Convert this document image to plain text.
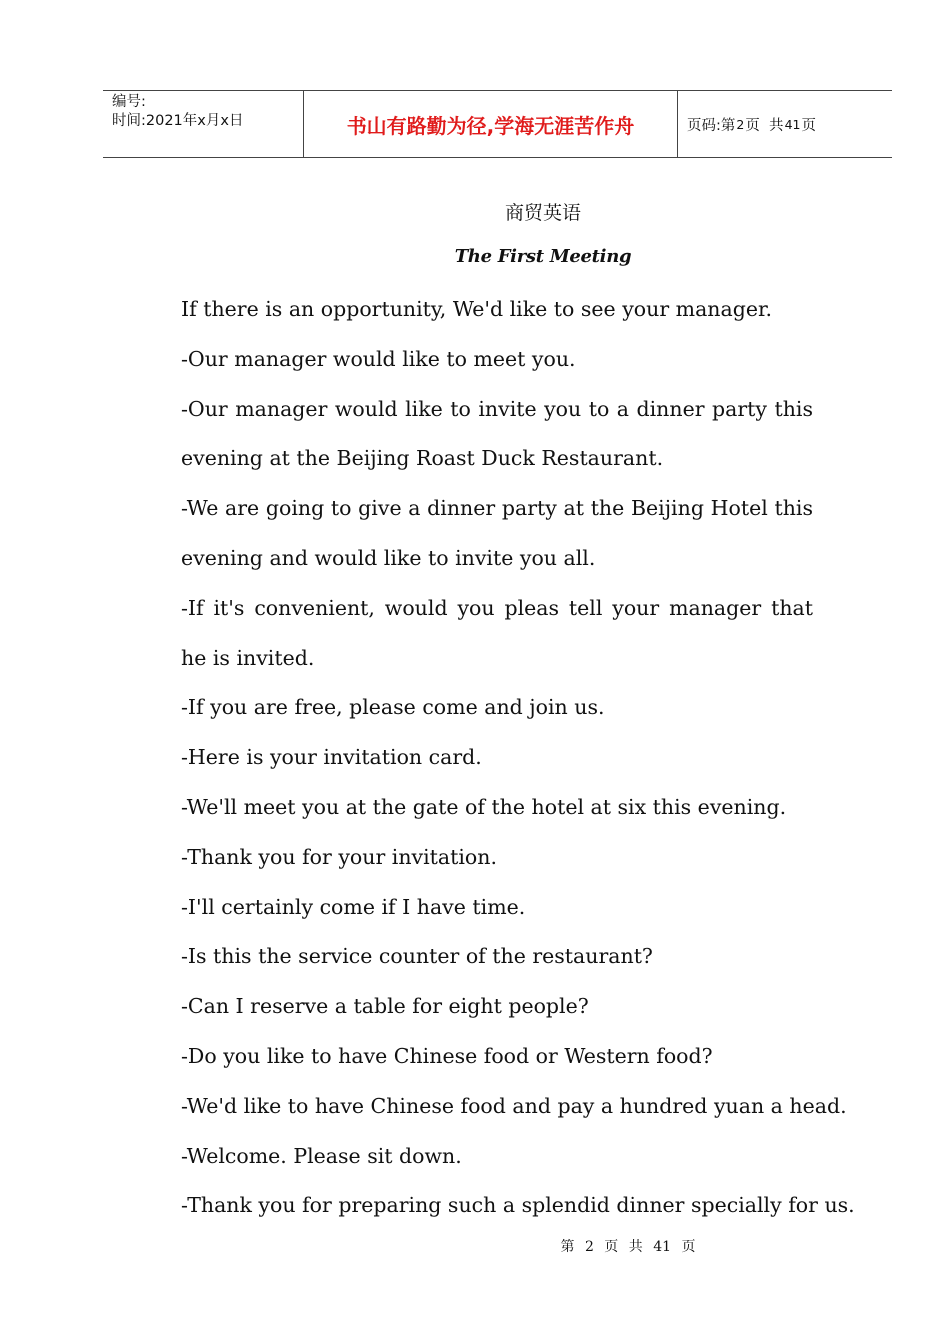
编号:
时间:2021年x月x日	书山有路勤为径,学海无涯苦作舟	页码:第 2 页  共 41 页
商贸英语
The First Meeting

If there is an opportunity, We'd like to see your manager.

-Our manager would like to meet you.

-Our manager would like to invite you to a dinner party this evening at the Beijing Roast Duck Restaurant.

-We are going to give a dinner party at the Beijing Hotel this evening and would like to invite you all.

-If it's convenient, would you pleas tell your manager that he is invited.

-If you are free, please come and join us.

-Here is your invitation card.

-We'll meet you at the gate of the hotel at six this evening.

-Thank you for your invitation.

-I'll certainly come if I have time.

-Is this the service counter of the restaurant?

-Can I reserve a table for eight people?

-Do you like to have Chinese food or Western food?

-We'd like to have Chinese food and pay a hundred yuan a head.

-Welcome. Please sit down.

-Thank you for preparing such a splendid dinner specially for us.

第 2 页 共 41 页
